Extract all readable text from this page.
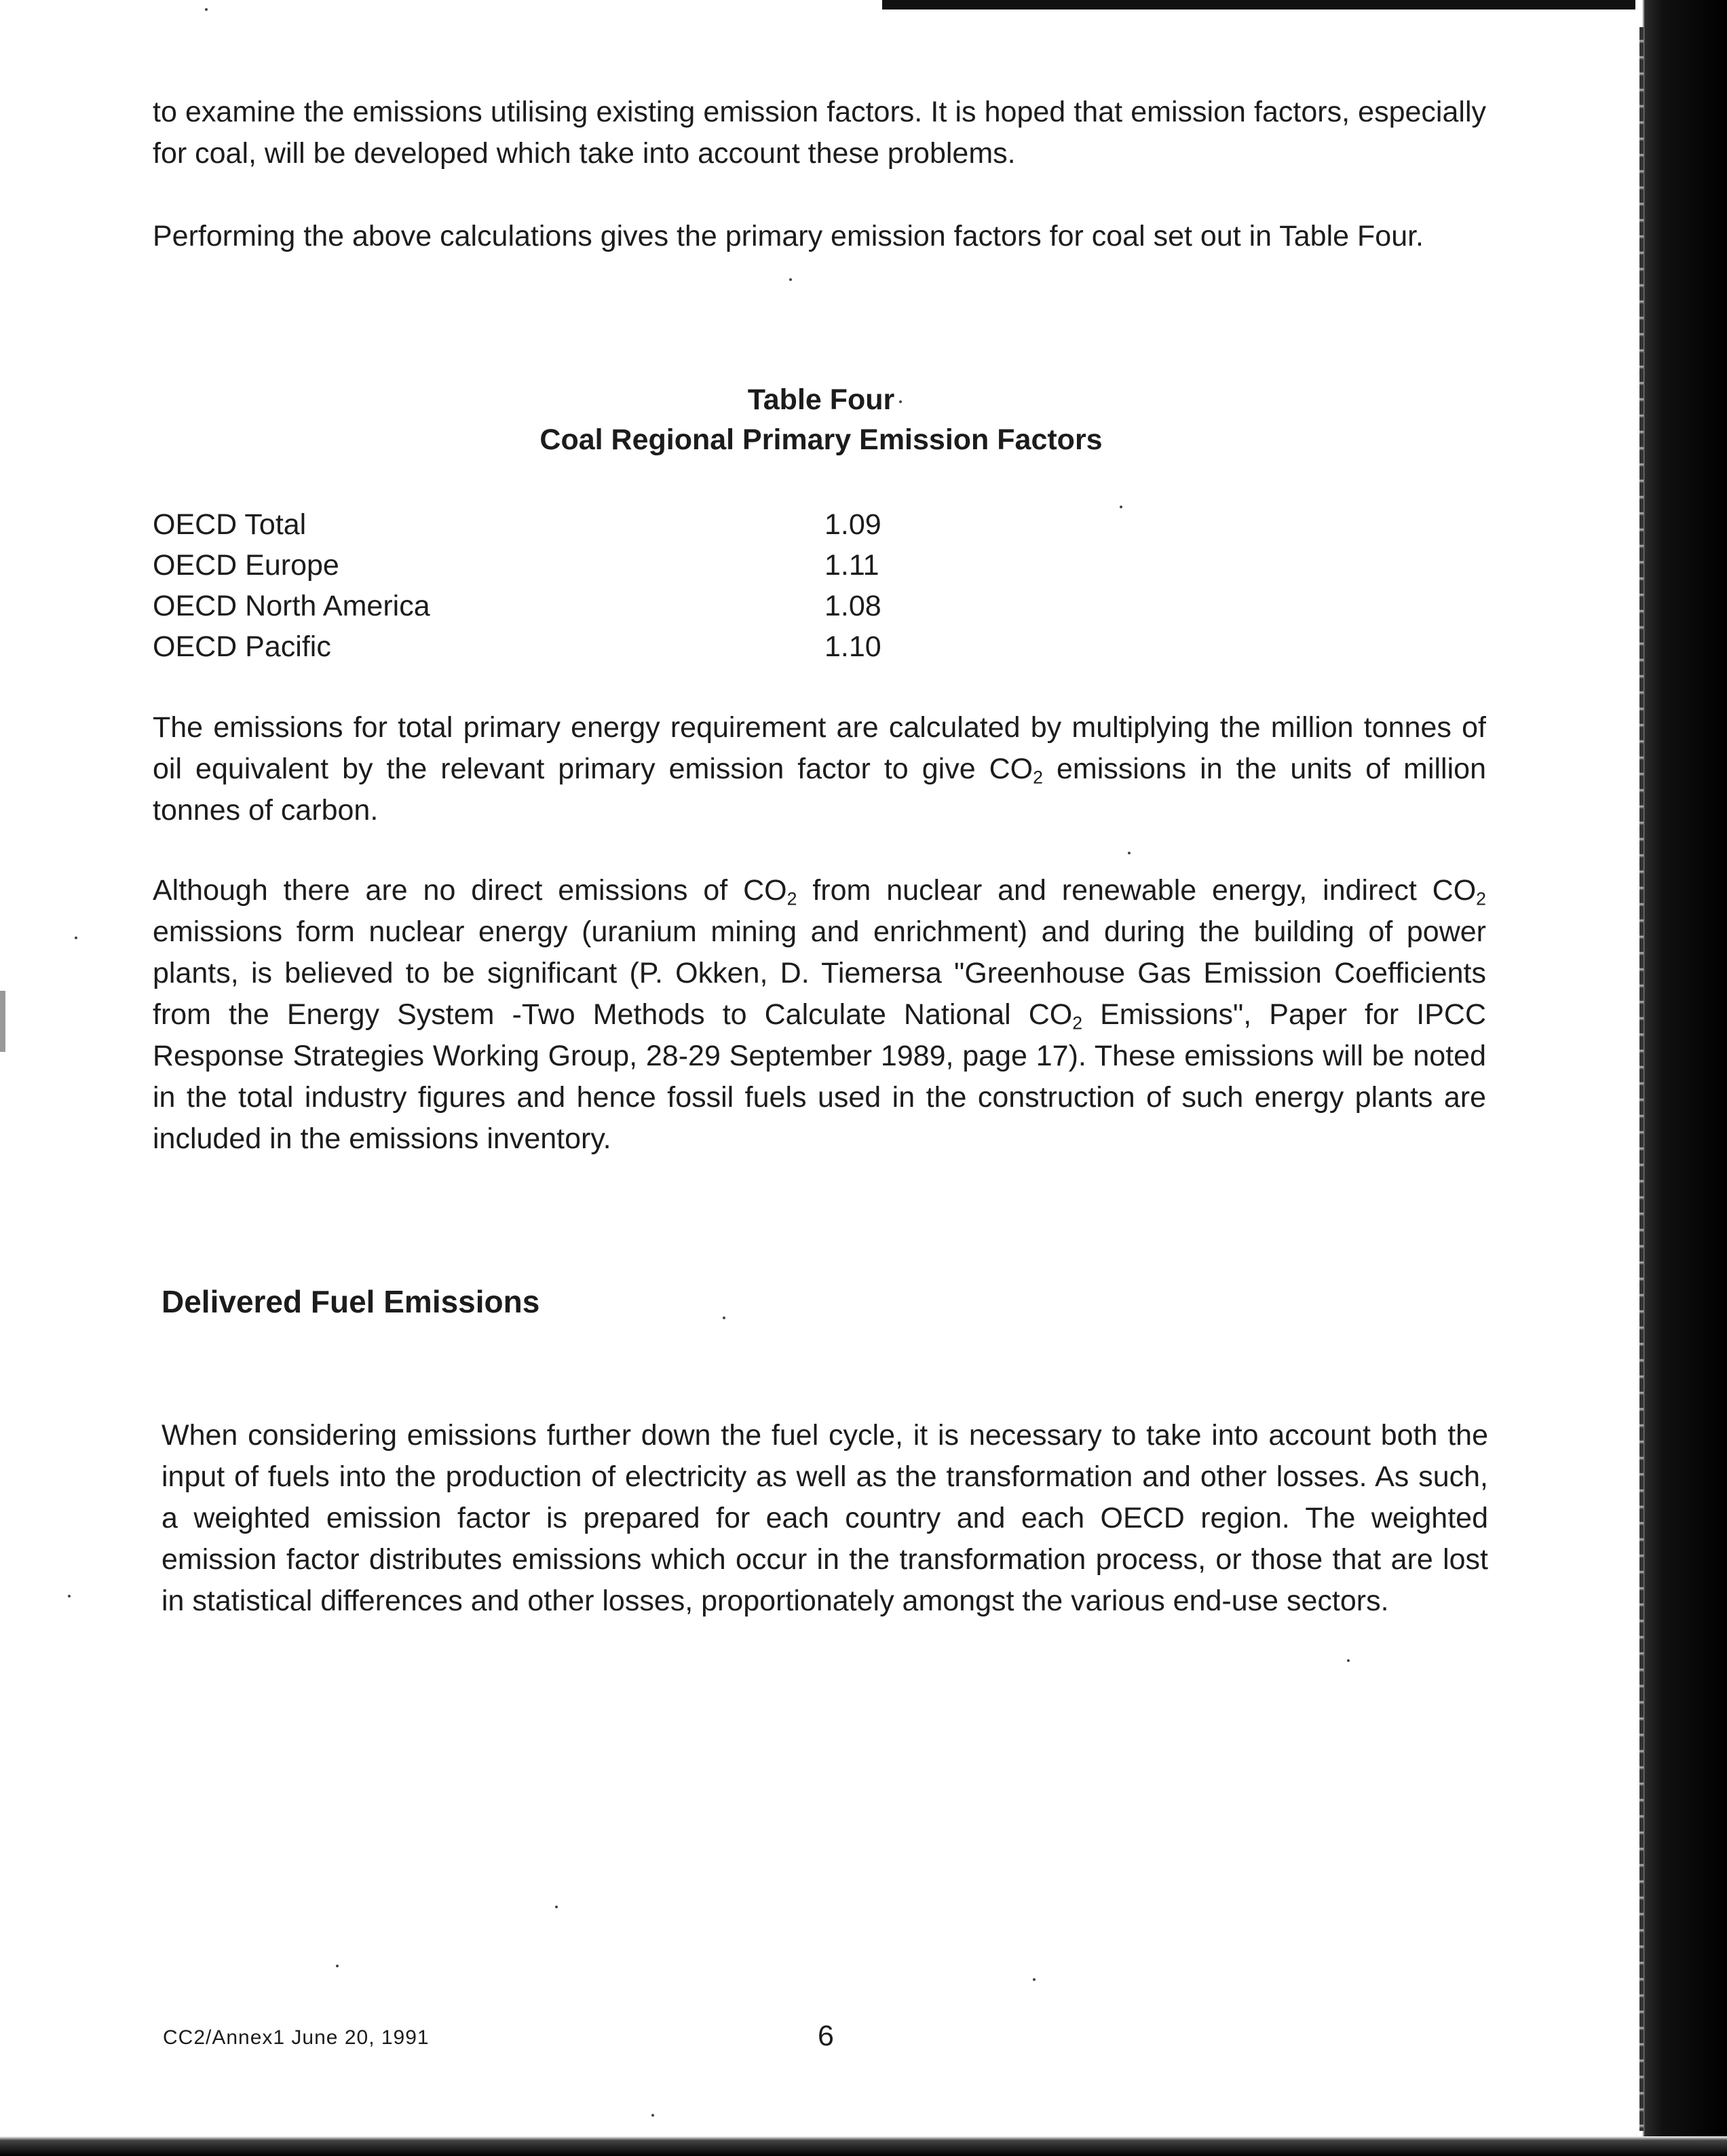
to examine the emissions utilising existing emission factors. It is hoped that emission factors, especially for coal, will be developed which take into account these problems.

Performing the above calculations gives the primary emission factors for coal set out in Table Four.

Table Four

Coal Regional Primary Emission Factors

OECD Total	1.09
OECD Europe	1.11
OECD North America	1.08
OECD Pacific	1.10

The emissions for total primary energy requirement are calculated by multiplying the million tonnes of oil equivalent by the relevant primary emission factor to give $CO_2$ emissions in the units of million tonnes of carbon.

Although there are no direct emissions of $CO_2$ from nuclear and renewable energy, indirect $CO_2$ emissions form nuclear energy (uranium mining and enrichment) and during the building of power plants, is believed to be significant (P. Okken, D. Tiemersa "Greenhouse Gas Emission Coefficients from the Energy System -Two Methods to Calculate National $CO_2$ Emissions", Paper for IPCC Response Strategies Working Group, 28-29 September 1989, page 17). These emissions will be noted in the total industry figures and hence fossil fuels used in the construction of such energy plants are included in the emissions inventory.

Delivered Fuel Emissions

When considering emissions further down the fuel cycle, it is necessary to take into account both the input of fuels into the production of electricity as well as the transformation and other losses. As such, a weighted emission factor is prepared for each country and each OECD region. The weighted emission factor distributes emissions which occur in the transformation process, or those that are lost in statistical differences and other losses, proportionately amongst the various end-use sectors.

CC2/Annex1 June 20, 1991	6
